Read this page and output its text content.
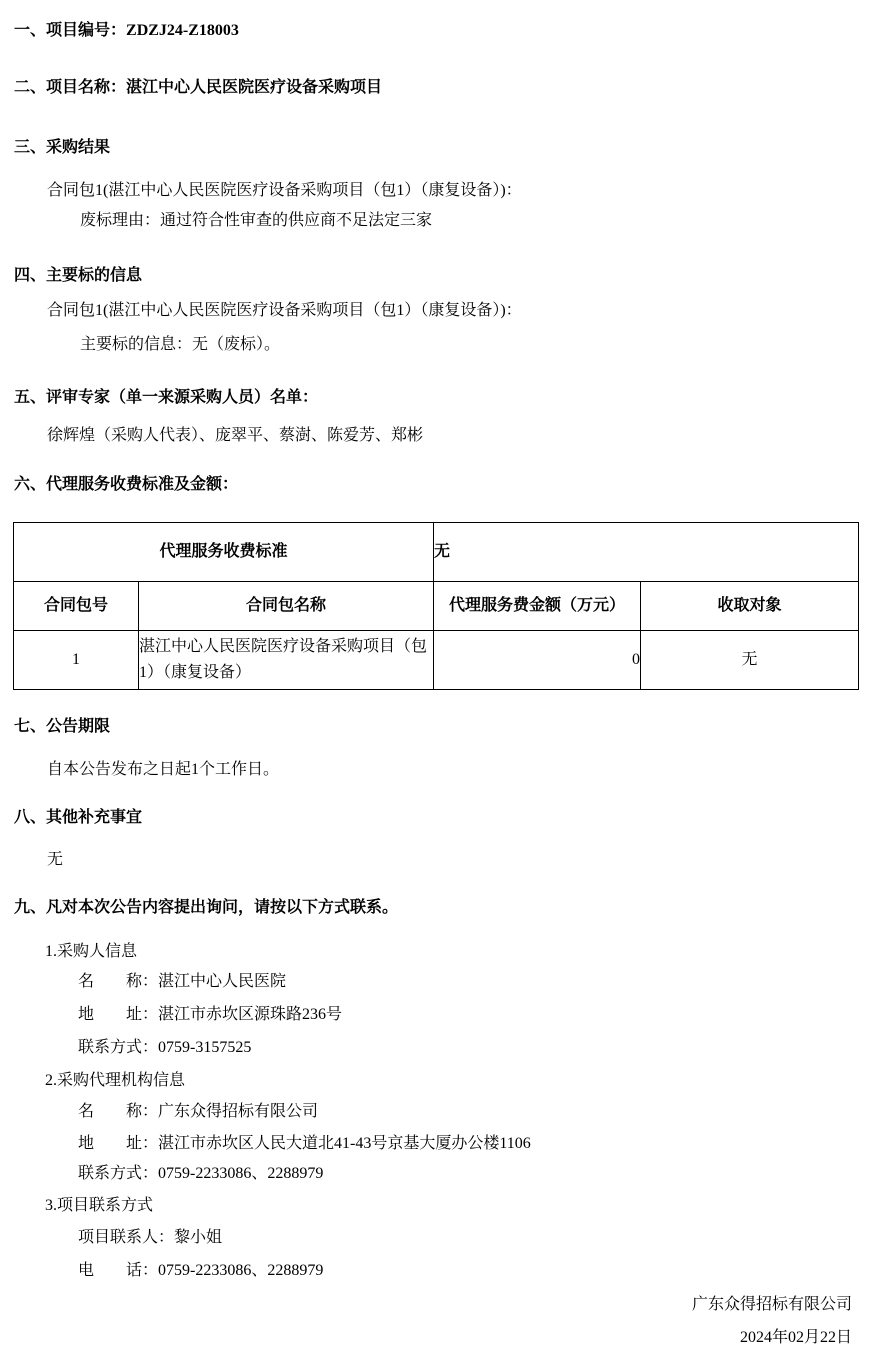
一、项目编号：ZDZJ24-Z18003
二、项目名称：湛江中心人民医院医疗设备采购项目
三、采购结果
合同包1(湛江中心人民医院医疗设备采购项目（包1）（康复设备）)：
废标理由：通过符合性审查的供应商不足法定三家
四、主要标的信息
合同包1(湛江中心人民医院医疗设备采购项目（包1）（康复设备）)：
主要标的信息：无（废标）。
五、评审专家（单一来源采购人员）名单：
徐辉煌（采购人代表）、庞翠平、蔡澍、陈爱芳、郑彬
六、代理服务收费标准及金额：
代理服务收费标准		无	
合同包号	合同包名称	代理服务费金额（万元）	收取对象
1	湛江中心人民医院医疗设备采购项目（包1）（康复设备）	0	无
七、公告期限
自本公告发布之日起1个工作日。
八、其他补充事宜
无
九、凡对本次公告内容提出询问，请按以下方式联系。
1.采购人信息
名　　称：湛江中心人民医院
地　　址：湛江市赤坎区源珠路236号
联系方式：0759-3157525
2.采购代理机构信息
名　　称：广东众得招标有限公司
地　　址：湛江市赤坎区人民大道北41-43号京基大厦办公楼1106
联系方式：0759-2233086、2288979
3.项目联系方式
项目联系人：黎小姐
电　　话：0759-2233086、2288979
广东众得招标有限公司
2024年02月22日
